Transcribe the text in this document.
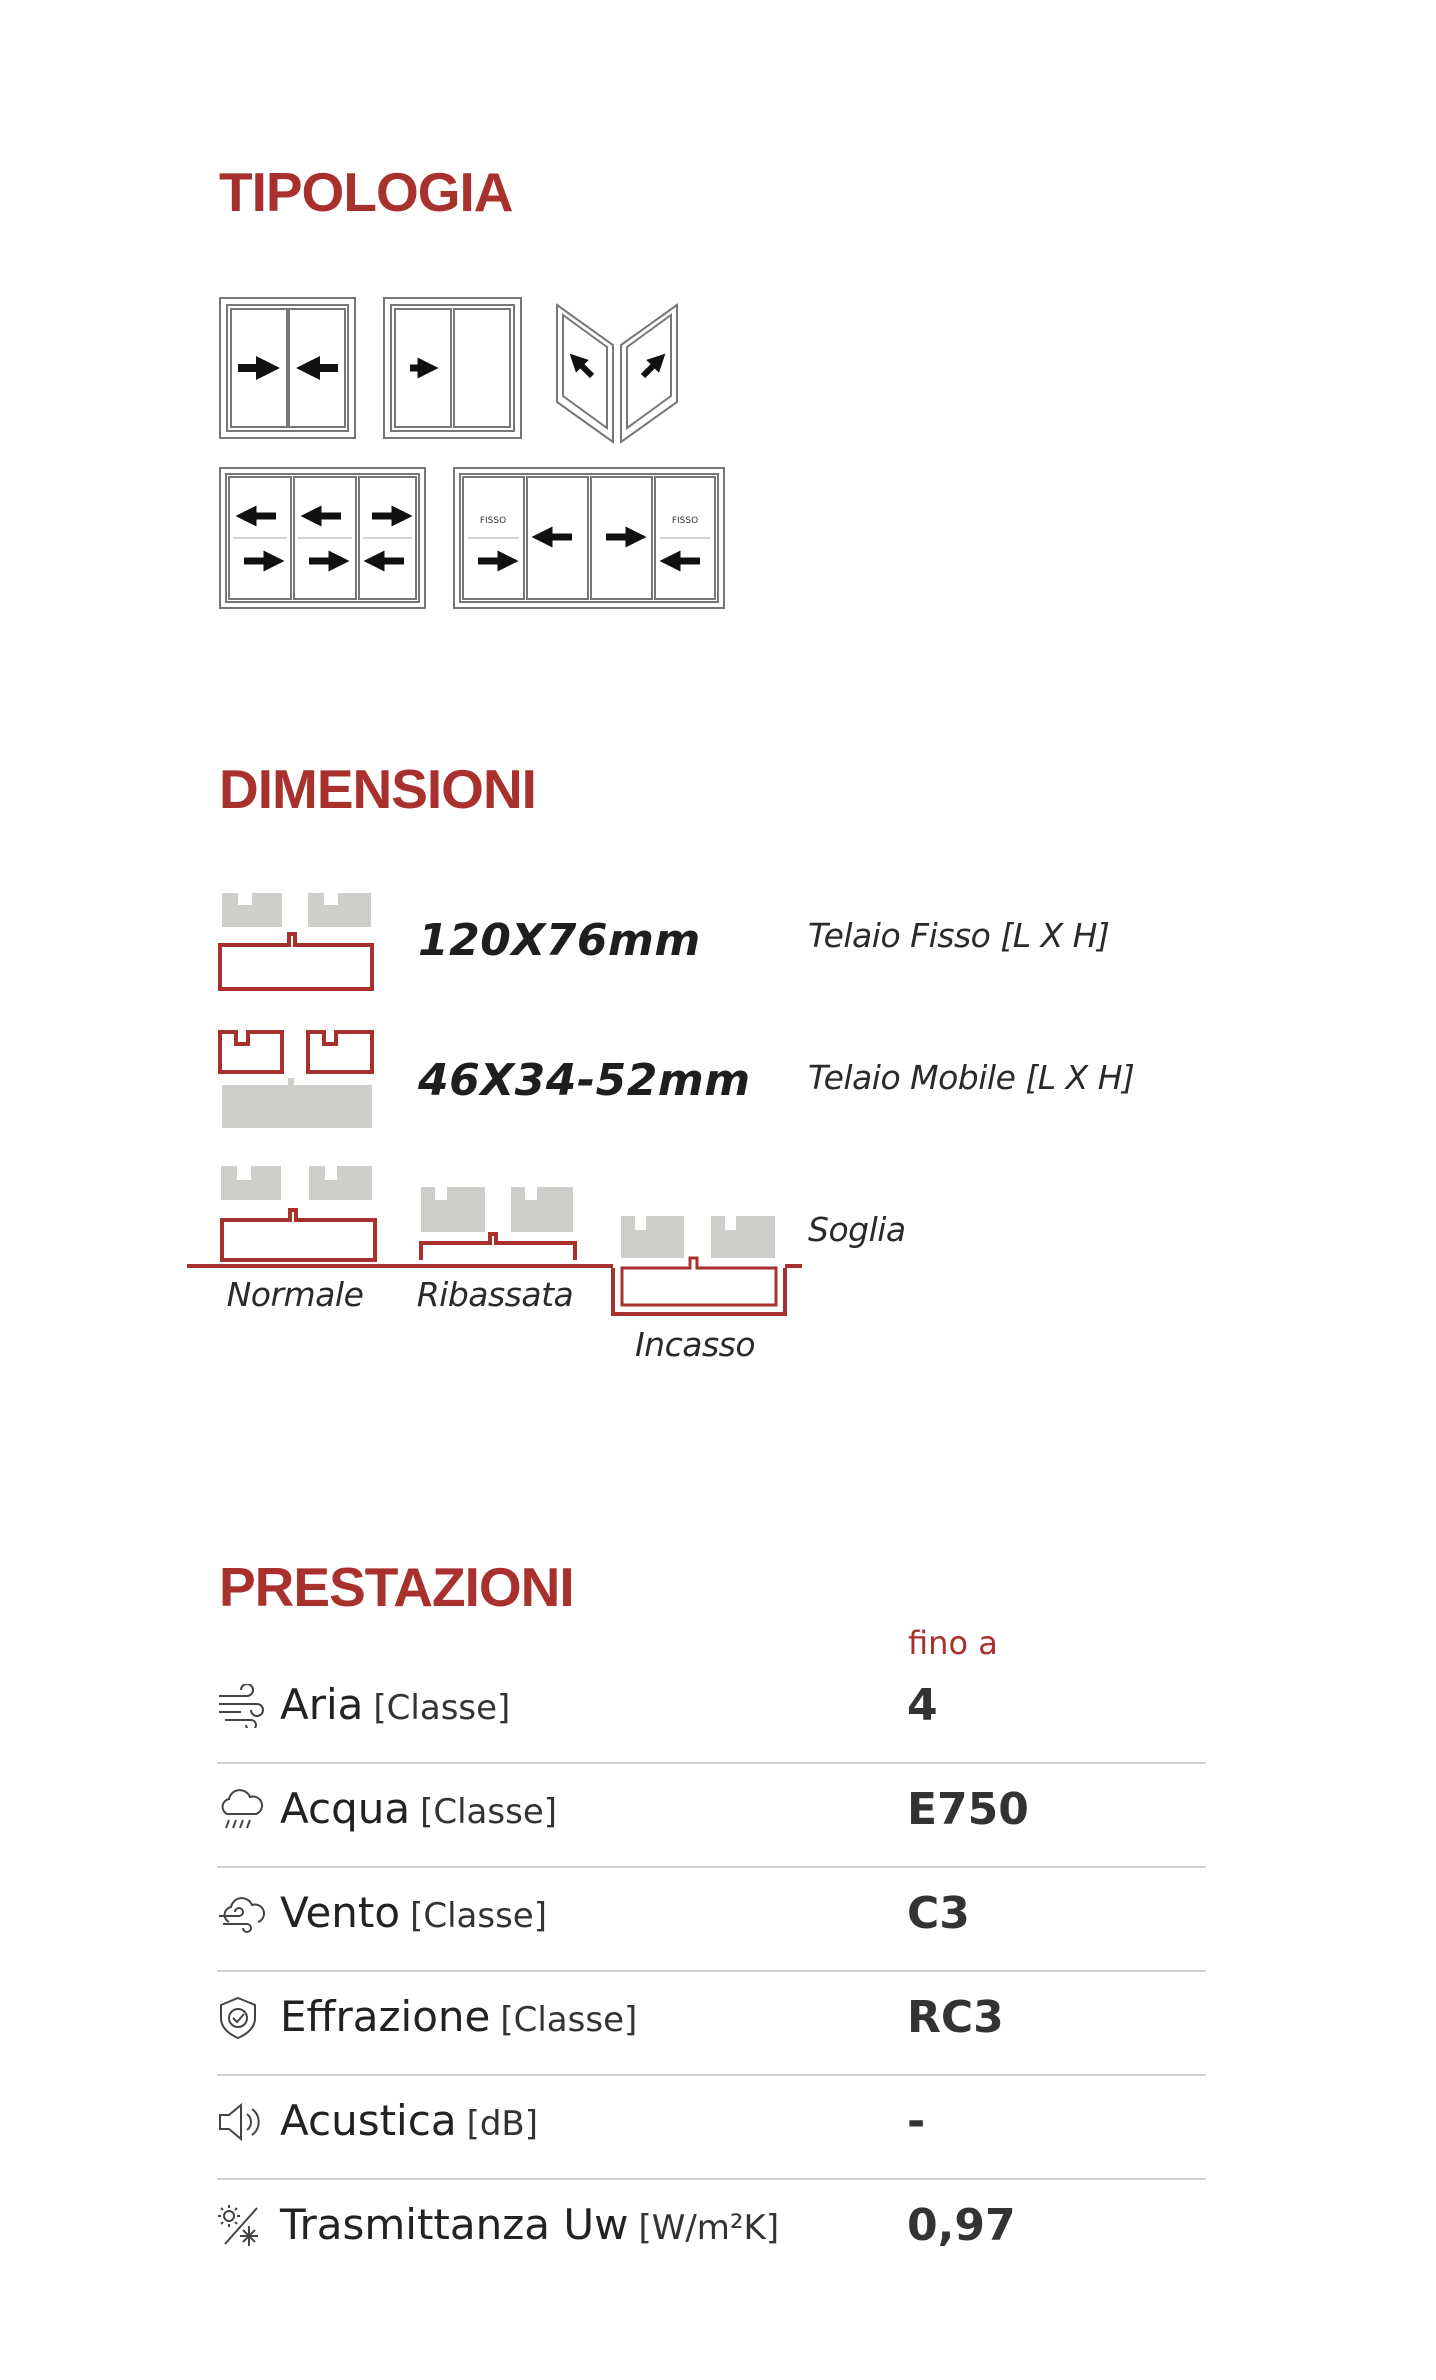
TIPOLOGIA
FISSO	FISSO
DIMENSIONI
120X76mm	Telaio Fisso [L X H]
46X34-52mm Telaio Mobile [L X H]
Soglia
Normale	Ribassata
Incasso
PRESTAZIONI
fino a
Aria [Classe]	4
Acqua [Classe]	E750
Vento [Classe]	C3
Effrazione [Classe]	RC3
Acustica [dB]	-
Trasmittanza Uw [W/m²K]	0,97
